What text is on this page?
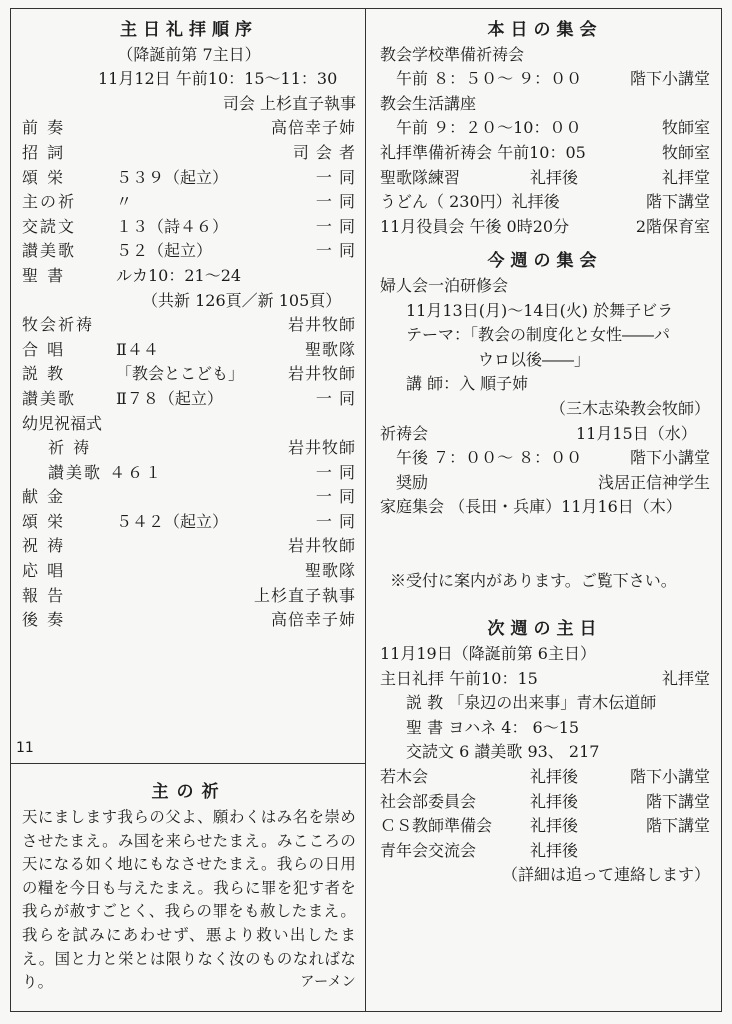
主日礼拝順序
（降誕前第 7主日）
11月12日 午前10：15〜11：30
司会 上杉直子執事
前 奏	高倍幸子姉
招 詞	司 会 者
頌 栄	５３９（起立）	一 同
主の祈 〃	一 同
交読文 １３（詩４６）	一 同
讃美歌 ５２（起立）	一 同
聖 書	ルカ10：21〜24
（共新 126頁／新 105頁）
牧会祈祷	岩井牧師
合 唱	Ⅱ４４	聖歌隊
説 教	「教会とこども」	岩井牧師
讃美歌 Ⅱ７８（起立）	一 同
幼児祝福式
祈 祷	岩井牧師
讃美歌 ４６１	一 同
献 金	一 同
頌 栄	５４２（起立）	一 同
祝 祷	岩井牧師
応 唱	聖歌隊
報 告	上杉直子執事
後 奏	高倍幸子姉
11
主の祈
天にまします我らの父よ、願わくはみ名を崇めさせたまえ。み国を来らせたまえ。みこころの天になる如く地にもなさせたまえ。我らの日用の糧を今日も与えたまえ。我らに罪を犯す者を我らが赦すごとく、我らの罪をも赦したまえ。我らを試みにあわせず、悪より救い出したまえ。国と力と栄とは限りなく汝のものなればなり。	アーメン
本日の集会
教会学校準備祈祷会
午前 ８：５０〜 ９：００	階下小講堂
教会生活講座
午前 ９：２０〜10：００	牧師室
礼拝準備祈祷会 午前10：05	牧師室
聖歌隊練習	礼拝後	礼拝堂
うどん（ 230円）礼拝後	階下講堂
11月役員会 午後 0時20分	2階保育室
今週の集会
婦人会一泊研修会
11月13日(月)〜14日(火) 於舞子ビラ
テーマ：「教会の制度化と女性――パ
ウロ以後――」
講 師：入 順子姉
（三木志染教会牧師）
祈祷会	11月15日（水）
午後 ７：００〜 ８：００	階下小講堂
奨励	浅居正信神学生
家庭集会 （長田・兵庫）11月16日（木）
※受付に案内があります。ご覧下さい。
次週の主日
11月19日（降誕前第 6主日）
主日礼拝 午前10：15	礼拝堂
説 教 「泉辺の出来事」青木伝道師
聖 書 ヨハネ 4： 6〜15
交読文 6 讃美歌 93、 217
若木会	礼拝後	階下小講堂
社会部委員会	礼拝後	階下講堂
ＣＳ教師準備会 礼拝後	階下講堂
青年会交流会	礼拝後
（詳細は追って連絡します）
